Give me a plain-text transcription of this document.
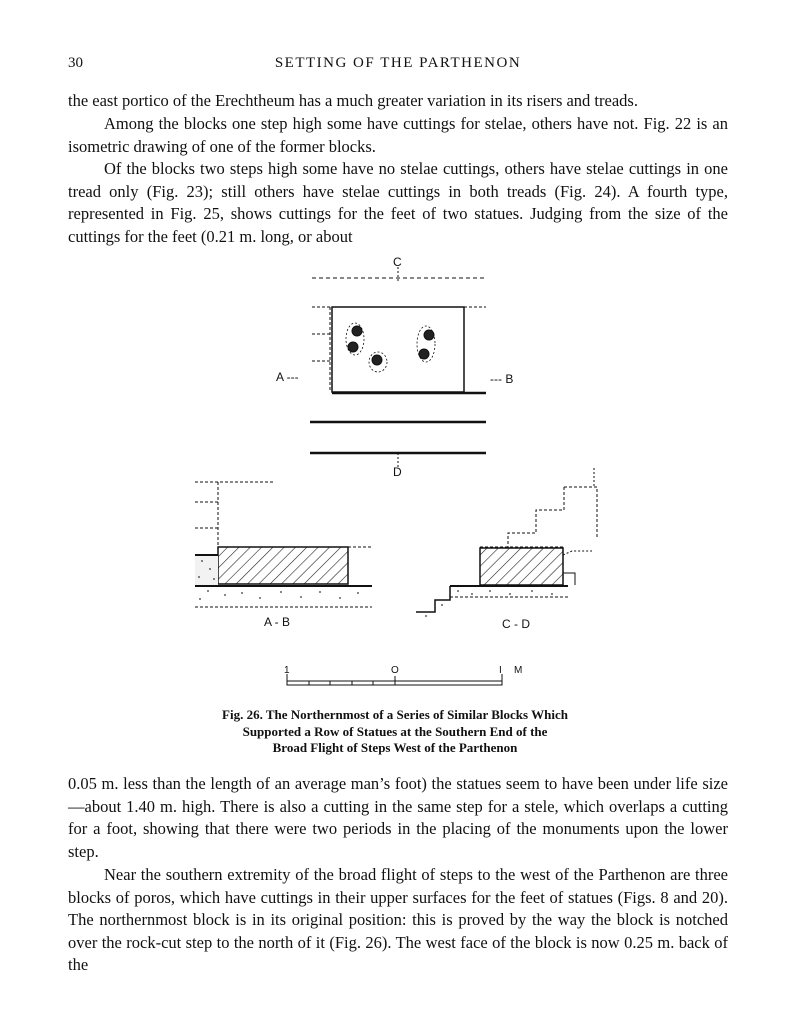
30	SETTING OF THE PARTHENON

the east portico of the Erechtheum has a much greater variation in its risers and treads.

Among the blocks one step high some have cuttings for stelae, others have not. Fig. 22 is an isometric drawing of one of the former blocks.

Of the blocks two steps high some have no stelae cuttings, others have stelae cuttings in one tread only (Fig. 23); still others have stelae cuttings in both treads (Fig. 24). A fourth type, represented in Fig. 25, shows cuttings for the feet of two statues. Judging from the size of the cuttings for the feet (0.21 m. long, or about

C
D
A ---	--- B
A - B	C - D
1	O	I M
Fig. 26. The Northernmost of a Series of Similar Blocks Which
Supported a Row of Statues at the Southern End of the
Broad Flight of Steps West of the Parthenon

0.05 m. less than the length of an average man’s foot) the statues seem to have been under life size—about 1.40 m. high. There is also a cutting in the same step for a stele, which overlaps a cutting for a foot, showing that there were two periods in the placing of the monuments upon the lower step.

Near the southern extremity of the broad flight of steps to the west of the Parthenon are three blocks of poros, which have cuttings in their upper surfaces for the feet of statues (Figs. 8 and 20). The northernmost block is in its original position: this is proved by the way the block is notched over the rock-cut step to the north of it (Fig. 26). The west face of the block is now 0.25 m. back of the
